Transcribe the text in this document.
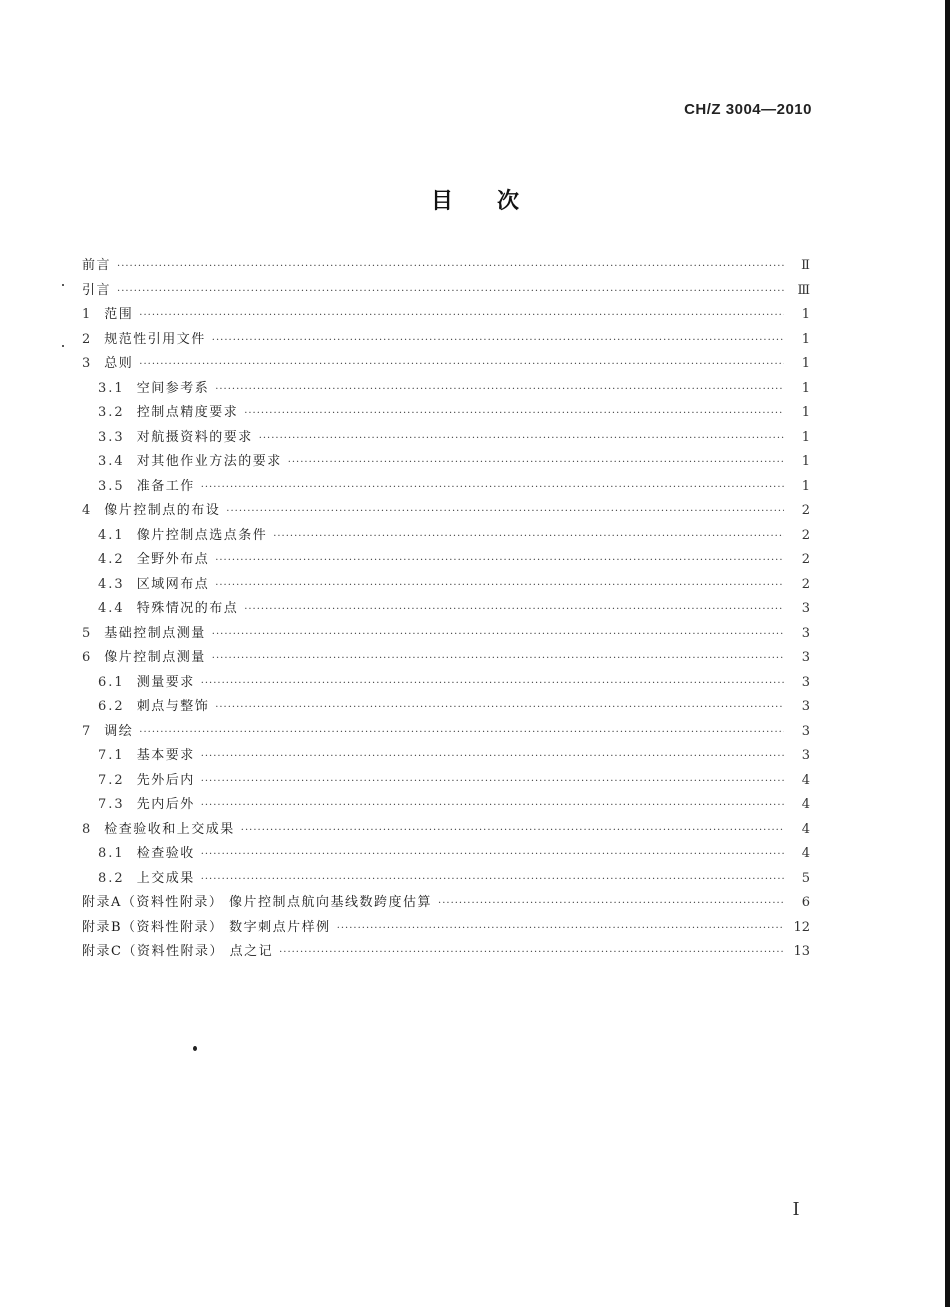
CH/Z 3004—2010
目次
前言 ·····	Ⅱ
引言 ·····	Ⅲ
1 范围 ·····	1
2 规范性引用文件 ·····	1
3 总则 ·····	1
3.1 空间参考系 ·····	1
3.2 控制点精度要求 ·····	1
3.3 对航摄资料的要求 ·····	1
3.4 对其他作业方法的要求 ·····	1
3.5 准备工作 ·····	1
4 像片控制点的布设 ·····	2
4.1 像片控制点选点条件 ·····	2
4.2 全野外布点 ·····	2
4.3 区域网布点 ·····	2
4.4 特殊情况的布点 ·····	3
5 基础控制点测量 ·····	3
6 像片控制点测量 ·····	3
6.1 测量要求 ·····	3
6.2 刺点与整饰 ·····	3
7 调绘 ·····	3
7.1 基本要求 ·····	3
7.2 先外后内 ·····	4
7.3 先内后外 ·····	4
8 检查验收和上交成果 ·····	4
8.1 检查验收 ·····	4
8.2 上交成果 ·····	5
附录A（资料性附录） 像片控制点航向基线数跨度估算 ·····	6
附录B（资料性附录） 数字刺点片样例 ·····	12
附录C（资料性附录） 点之记 ·····	13
I
